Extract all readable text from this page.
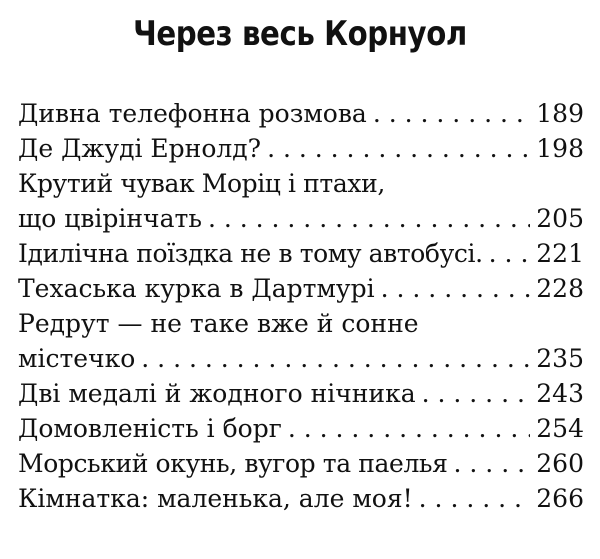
Через весь Корнуол
Дивна телефонна розмова . . .	189
Де Джуді Ернолд? . . .	198
Крутий чувак Моріц і птахи,
що цвірінчать . . .	205
Ідилічна поїздка не в тому автобусі. . . . 221
Техаська курка в Дартмурі . . .	228
Редрут — не таке вже й сонне
містечко . . .	235
Дві медалі й жодного нічника . . .	243
Домовленість і борг . . .	254
Морський окунь, вугор та паелья . . .	260
Кімнатка: маленька, але моя! . . .	266
